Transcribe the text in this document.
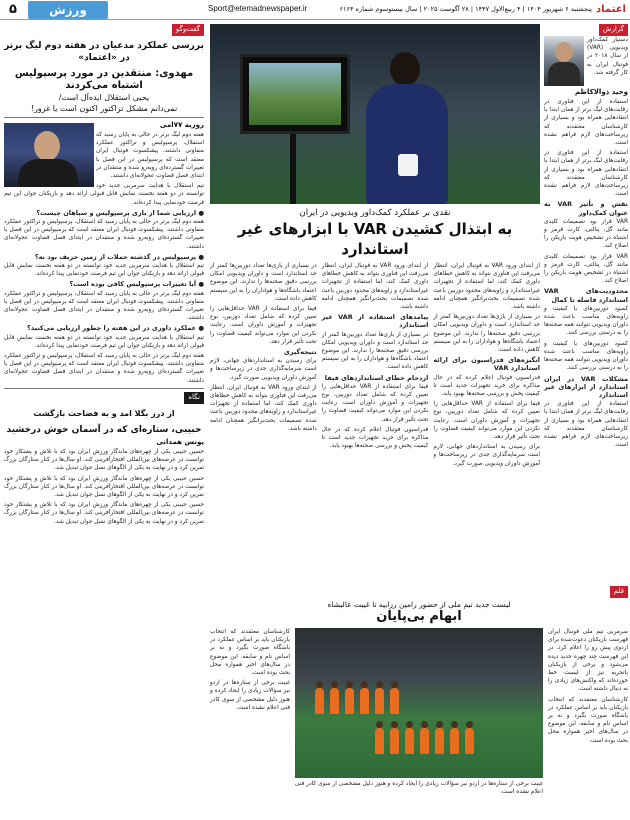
۵	ورزش	Sport@etemadnewspaper.ir	پنجشنبه ۶ شهریور ۱۴۰۴ | ۴ ربیع‌الاول ۱۴۴۷ | ۲۸ آگوست ۲۰۲۵ | سال بیستوسوم شماره ۶۱۶۴ اعتماد
گفت‌وگو
بررسی عملکرد مدعیان در هفته دوم لیگ برتر در «اعتماد»
مهدوی: منتقدین در مورد پرسپولیس اشتباه می‌کردند
یحیی استقلال ایده‌آل است/
نمی‌دانم مشکل تراکتور اکنون است یا غرور!
روزبه ۷۷امی

هفته دوم لیگ برتر در حالی به پایان رسید که استقلال، پرسپولیس و تراکتور عملکرد متفاوتی داشتند. پیشکسوت فوتبال ایران معتقد است که پرسپولیس در این فصل با تغییرات گسترده‌ای روبه‌رو شده و منتقدان در ابتدای فصل قضاوت عجولانه‌ای داشتند.

تیم استقلال با هدایت سرمربی جدید خود توانسته در دو هفته نخست نمایش قابل قبولی ارائه دهد و بازیکنان جوان این تیم فرصت خودنمایی پیدا کرده‌اند.

● ارزیابی شما از بازی پرسپولیس و سپاهان چیست؟

هفته دوم لیگ برتر در حالی به پایان رسید که استقلال، پرسپولیس و تراکتور عملکرد متفاوتی داشتند. پیشکسوت فوتبال ایران معتقد است که پرسپولیس در این فصل با تغییرات گسترده‌ای روبه‌رو شده و منتقدان در ابتدای فصل قضاوت عجولانه‌ای داشتند.

● پرسپولیس در گذشته حملات از زمین حریف بود نه؟

تیم استقلال با هدایت سرمربی جدید خود توانسته در دو هفته نخست نمایش قابل قبولی ارائه دهد و بازیکنان جوان این تیم فرصت خودنمایی پیدا کرده‌اند.

● آیا تغییرات پرسپولیس کافی بوده است؟

هفته دوم لیگ برتر در حالی به پایان رسید که استقلال، پرسپولیس و تراکتور عملکرد متفاوتی داشتند. پیشکسوت فوتبال ایران معتقد است که پرسپولیس در این فصل با تغییرات گسترده‌ای روبه‌رو شده و منتقدان در ابتدای فصل قضاوت عجولانه‌ای داشتند.

● عملکرد داوری در این هفته را چطور ارزیابی می‌کنید؟

تیم استقلال با هدایت سرمربی جدید خود توانسته در دو هفته نخست نمایش قابل قبولی ارائه دهد و بازیکنان جوان این تیم فرصت خودنمایی پیدا کرده‌اند.

هفته دوم لیگ برتر در حالی به پایان رسید که استقلال، پرسپولیس و تراکتور عملکرد متفاوتی داشتند. پیشکسوت فوتبال ایران معتقد است که پرسپولیس در این فصل با تغییرات گسترده‌ای روبه‌رو شده و منتقدان در ابتدای فصل قضاوت عجولانه‌ای داشتند.

نگاه
از درز بگلا امد و به فضاحت بازگشت
حبیبی، ستاره‌ای که در آسمان خوش درخشید
یونس همدانی

حسین حبیبی یکی از چهره‌های ماندگار ورزش ایران بود که با تلاش و پشتکار خود توانست در عرصه‌های بین‌المللی افتخارآفرینی کند. او سال‌ها در کنار ستارگان بزرگ تمرین کرد و در نهایت به یکی از الگوهای نسل جوان تبدیل شد.

حسین حبیبی یکی از چهره‌های ماندگار ورزش ایران بود که با تلاش و پشتکار خود توانست در عرصه‌های بین‌المللی افتخارآفرینی کند. او سال‌ها در کنار ستارگان بزرگ تمرین کرد و در نهایت به یکی از الگوهای نسل جوان تبدیل شد.

حسین حبیبی یکی از چهره‌های ماندگار ورزش ایران بود که با تلاش و پشتکار خود توانست در عرصه‌های بین‌المللی افتخارآفرینی کند. او سال‌ها در کنار ستارگان بزرگ تمرین کرد و در نهایت به یکی از الگوهای نسل جوان تبدیل شد.

نقدی بر عملکرد کمک‌داور ویدیویی در ایران
به ابتذال کشیدن VAR با ابزارهای غیر استاندارد

از ابتدای ورود VAR به فوتبال ایران، انتظار می‌رفت این فناوری بتواند به کاهش خطاهای داوری کمک کند، اما استفاده از تجهیزات غیراستاندارد و زاویه‌های محدود دوربین باعث شده تصمیمات بحث‌برانگیز همچنان ادامه داشته باشد.

در بسیاری از بازی‌ها تعداد دوربین‌ها کمتر از حد استاندارد است و داوران ویدیویی امکان بررسی دقیق صحنه‌ها را ندارند. این موضوع اعتماد باشگاه‌ها و هواداران را به این سیستم کاهش داده است.

انگیزه‌های فدراسیون برای ارائه استاندارد VAR

فدراسیون فوتبال اعلام کرده که در حال مذاکره برای خرید تجهیزات جدید است تا کیفیت پخش و بررسی صحنه‌ها بهبود یابد.

فیفا برای استفاده از VAR حداقل‌هایی را تعیین کرده که شامل تعداد دوربین، نوع تجهیزات و آموزش داوران است. رعایت نکردن این موارد می‌تواند کیفیت قضاوت را تحت تأثیر قرار دهد.

برای رسیدن به استانداردهای جهانی، لازم است سرمایه‌گذاری جدی در زیرساخت‌ها و آموزش داوران ویدیویی صورت گیرد.

از ابتدای ورود VAR به فوتبال ایران، انتظار می‌رفت این فناوری بتواند به کاهش خطاهای داوری کمک کند، اما استفاده از تجهیزات غیراستاندارد و زاویه‌های محدود دوربین باعث شده تصمیمات بحث‌برانگیز همچنان ادامه داشته باشد.

پیامدهای استفاده از VAR غیر استاندارد

در بسیاری از بازی‌ها تعداد دوربین‌ها کمتر از حد استاندارد است و داوران ویدیویی امکان بررسی دقیق صحنه‌ها را ندارند. این موضوع اعتماد باشگاه‌ها و هواداران را به این سیستم کاهش داده است.

ازدحام خطای استانداردهای فیفا

فیفا برای استفاده از VAR حداقل‌هایی را تعیین کرده که شامل تعداد دوربین، نوع تجهیزات و آموزش داوران است. رعایت نکردن این موارد می‌تواند کیفیت قضاوت را تحت تأثیر قرار دهد.

فدراسیون فوتبال اعلام کرده که در حال مذاکره برای خرید تجهیزات جدید است تا کیفیت پخش و بررسی صحنه‌ها بهبود یابد.

در بسیاری از بازی‌ها تعداد دوربین‌ها کمتر از حد استاندارد است و داوران ویدیویی امکان بررسی دقیق صحنه‌ها را ندارند. این موضوع اعتماد باشگاه‌ها و هواداران را به این سیستم کاهش داده است.

فیفا برای استفاده از VAR حداقل‌هایی را تعیین کرده که شامل تعداد دوربین، نوع تجهیزات و آموزش داوران است. رعایت نکردن این موارد می‌تواند کیفیت قضاوت را تحت تأثیر قرار دهد.

نتیجه‌گیری

برای رسیدن به استانداردهای جهانی، لازم است سرمایه‌گذاری جدی در زیرساخت‌ها و آموزش داوران ویدیویی صورت گیرد.

از ابتدای ورود VAR به فوتبال ایران، انتظار می‌رفت این فناوری بتواند به کاهش خطاهای داوری کمک کند، اما استفاده از تجهیزات غیراستاندارد و زاویه‌های محدود دوربین باعث شده تصمیمات بحث‌برانگیز همچنان ادامه داشته باشد.

گزارش
دستیار کمک‌داور ویدیویی (VAR) از سال ۲۰۱۸ در فوتبال ایران به کار گرفته شد.
وحید ذوالاکاظم

استفاده از این فناوری در رقابت‌های لیگ برتر از همان ابتدا با انتقادهایی همراه بود و بسیاری از کارشناسان معتقدند که زیرساخت‌های لازم فراهم نشده است.

استفاده از این فناوری در رقابت‌های لیگ برتر از همان ابتدا با انتقادهایی همراه بود و بسیاری از کارشناسان معتقدند که زیرساخت‌های لازم فراهم نشده است.

نقش و تأثیر VAR به عنوان کمک‌داور

VAR قرار بود تصمیمات کلیدی مانند گل، پنالتی، کارت قرمز و اشتباه در تشخیص هویت بازیکن را اصلاح کند.

VAR قرار بود تصمیمات کلیدی مانند گل، پنالتی، کارت قرمز و اشتباه در تشخیص هویت بازیکن را اصلاح کند.

محدودیت‌های VAR استاندارد فاصله تا کمال

کمبود دوربین‌های با کیفیت و زاویه‌های مناسب باعث شده داوران ویدیویی نتوانند همه صحنه‌ها را به درستی بررسی کنند.

کمبود دوربین‌های با کیفیت و زاویه‌های مناسب باعث شده داوران ویدیویی نتوانند همه صحنه‌ها را به درستی بررسی کنند.

مشکلات VAR در ایران استاندارد از ابزارهای غیر استاندارد

استفاده از این فناوری در رقابت‌های لیگ برتر از همان ابتدا با انتقادهایی همراه بود و بسیاری از کارشناسان معتقدند که زیرساخت‌های لازم فراهم نشده است.

قلم
لیست جدید تیم ملی از حضور رامین رزاییه تا غیبت عالیشاه
ابهام بی‌پایان

سرمربی تیم ملی فوتبال ایران فهرست بازیکنان دعوت‌شده برای اردوی پیش رو را اعلام کرد. در این فهرست چند چهره جدید دیده می‌شود و برخی از بازیکنان باتجربه نیز از لیست خط خورده‌اند که واکنش‌های زیادی را به دنبال داشته است.

کارشناسان معتقدند که انتخاب بازیکنان باید بر اساس عملکرد در باشگاه صورت بگیرد و نه بر اساس نام و سابقه. این موضوع در سال‌های اخیر همواره محل بحث بوده است.

غیبت برخی از ستاره‌ها در اردو نیز سؤالات زیادی را ایجاد کرده و هنوز دلیل مشخصی از سوی کادر فنی اعلام نشده است.

کارشناسان معتقدند که انتخاب بازیکنان باید بر اساس عملکرد در باشگاه صورت بگیرد و نه بر اساس نام و سابقه. این موضوع در سال‌های اخیر همواره محل بحث بوده است.

غیبت برخی از ستاره‌ها در اردو نیز سؤالات زیادی را ایجاد کرده و هنوز دلیل مشخصی از سوی کادر فنی اعلام نشده است.
